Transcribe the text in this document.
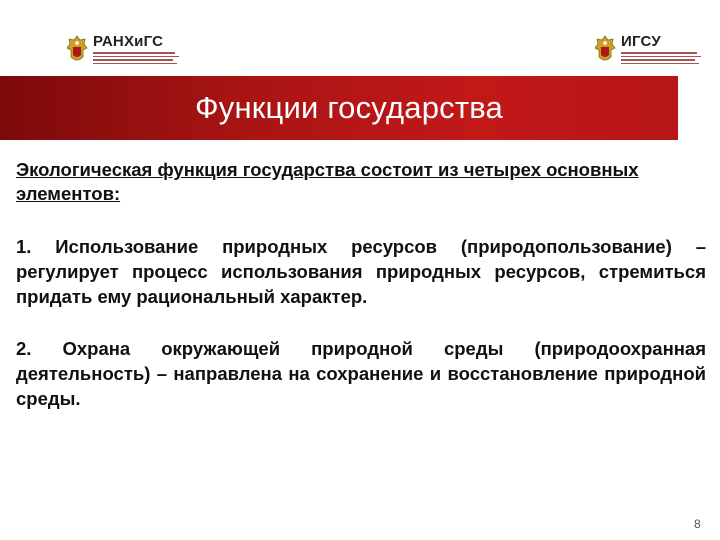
РАНХиГС	ИГСУ
Функции государства

Экологическая функция государства состоит из четырех основных элементов:

1. Использование природных ресурсов (природопользование) – регулирует процесс использования природных ресурсов, стремиться придать ему рациональный характер.

2. Охрана окружающей природной среды (природоохранная деятельность) – направлена на сохранение и восстановление природной среды.

8
